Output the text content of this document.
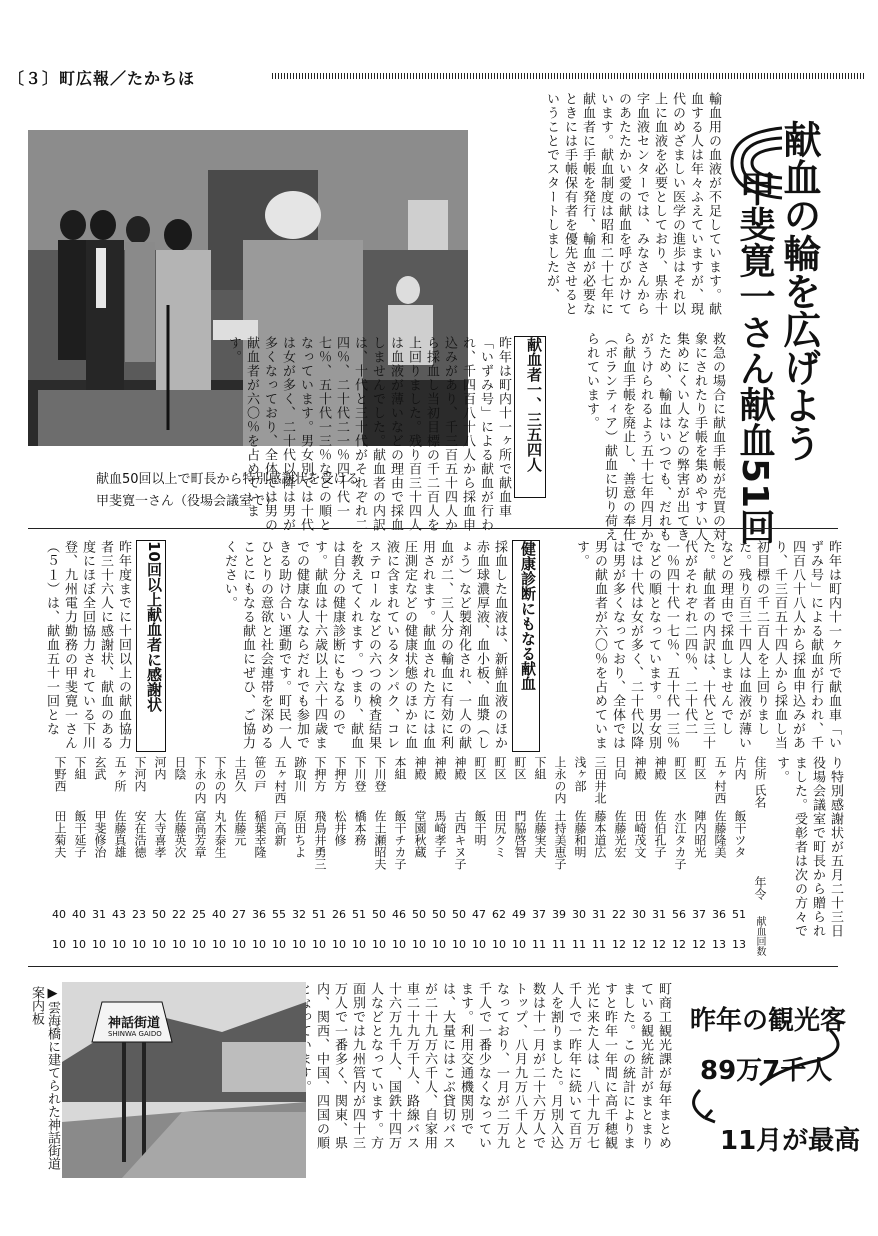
〔３〕町広報／たかちほ
献血50回以上で町長から特別感謝状を受ける
甲斐寛一さん（役場会議室で）
献血の輪を広げよう
甲斐寛一さん献血51回
輸血用の血液が不足しています。献血する人は年々ふえていますが、現代のめざましい医学の進歩はそれ以上に血液を必要としており、県赤十字血液センターでは、みなさんからのあたたかい愛の献血を呼びかけています。献血制度は昭和二十七年に献血者に手帳を発行、輸血が必要なときには手帳保有者を優先させるということでスタートしましたが、
救急の場合に献血手帳が売買の対象にされたり手帳を集めやすい人集めにくい人などの弊害が出てきたため、輸血はいつでも、だれもがうけられるよう五十七年四月から献血手帳を廃止し、善意の奉仕（ボランティア）献血に切り荷えられています。
献血者一、三五四人
昨年は町内十一ヶ所で献血車「いずみ号」による献血が行われ、千四百八十八人から採血申込みがあり、千三百五十四人から採血し当初目標の千二百人を上回りました。残り百三十四人は血液が薄いなどの理由で採血しませんでした。献血者の内訳は、十代と三十代がそれぞれ二四％、二十代二一％四十代一七％、五十代一三％などの順となっています。男女別では十代は女が多く、二十代以降は男が多くなっており、全体では男の献血者が六〇％を占めています。
昨年は町内十一ヶ所で献血車「いずみ号」による献血が行われ、千四百八十八人から採血申込みがあり、千三百五十四人から採血し当初目標の千二百人を上回りました。残り百三十四人は血液が薄いなどの理由で採血しませんでした。献血者の内訳は、十代と三十代がそれぞれ二四％、二十代二一％四十代一七％、五十代一三％などの順となっています。男女別では十代は女が多く、二十代以降は男が多くなっており、全体では男の献血者が六〇％を占めています。
健康診断にもなる献血
採血した血液は、新鮮血液のほか赤血球濃厚液、血小板、血漿（しょう）など製剤化され、一人の献血が二、三人分の輸血に有効に利用されます。献血された方には血圧測定などの健康状態のほかに血液に含まれているタンパク、コレステロールなどの六つの検査結果を教えてくれます。つまり、献血は自分の健康診断にもなるのです。献血は十六歳以上六十四歳までの健康な人ならだれでも参加できる助け合い運動です。町民一人ひとりの意欲と社会連帯を深めることにもなる献血にぜひ、ご協力ください。
10回以上献血者に感謝状
昨年度までに十回以上の献血協力者三十六人に感謝状、献血のある度にほぼ全回協力されている下川登、九州電力勤務の甲斐寛一さん（５１）は、献血五十一回とな
り特別感謝状が五月二十三日役場会議室で町長から贈られました。受彰者は次の方々です。
住所
氏名
年令
献血回数
片内
飯干ツタ
51
13
五ヶ村西
佐藤隆美
36
13
町区
陣内昭光
37
12
町区
水江タカ子
56
12
神殿
佐伯孔子
31
12
神殿
田崎茂文
30
12
日向
佐藤光宏
22
12
三田井北
藤本道広
31
11
浅ヶ部
佐藤和明
30
11
上永の内
土持美恵子
39
11
下組
佐藤実夫
37
11
町区
門脇啓智
49
10
町区
田尻クミ
62
10
町区
飯干明
47
10
神殿
古西キヌ子
50
10
神殿
馬崎孝子
50
10
神殿
堂園秋蔵
50
10
本組
飯干チカ子
46
10
下川登
佐土瀬昭夫
50
10
下川登
橋本務
51
10
下押方
松井修
26
10
下押方
飛鳥井勇三
51
10
跡取川
原田ちよ
32
10
五ヶ村西
戸高新
55
10
笹の戸
稲葉幸隆
36
10
土呂久
佐藤元
27
10
下永の内
丸木泰生
40
10
下永の内
富高芳章
25
10
日陰
佐藤英次
22
10
河内
大寺喜孝
50
10
下河内
安在浩徳
23
10
五ヶ所
佐藤真雄
43
10
玄武
甲斐修治
31
10
下組
飯干延子
40
10
下野西
田上菊夫
40
10
昨年の観光客
89万7千人
11月が最高
町商工観光課が毎年まとめている観光統計がまとまりました。この統計によりますと昨年一年間に高千穂観光に来た人は、八十九万七千人で一昨年に続いて百万人を割りました。月別入込数は十一月が二十六万人でトップ、八月九万八千人となっており、一月が二万九千人で一番少なくなっています。利用交通機関別では、大量にはこぶ貸切バスが二十九万六千人、自家用車二十九万千人、路線バス十六万九千人、国鉄十四万人などとなっています。方面別では九州管内が四十三万人で一番多く、関東、県内、関西、中国、四国の順
神話街道
SHINWA GAIDO
▶雲海橋に建てられた神話街道案内板
